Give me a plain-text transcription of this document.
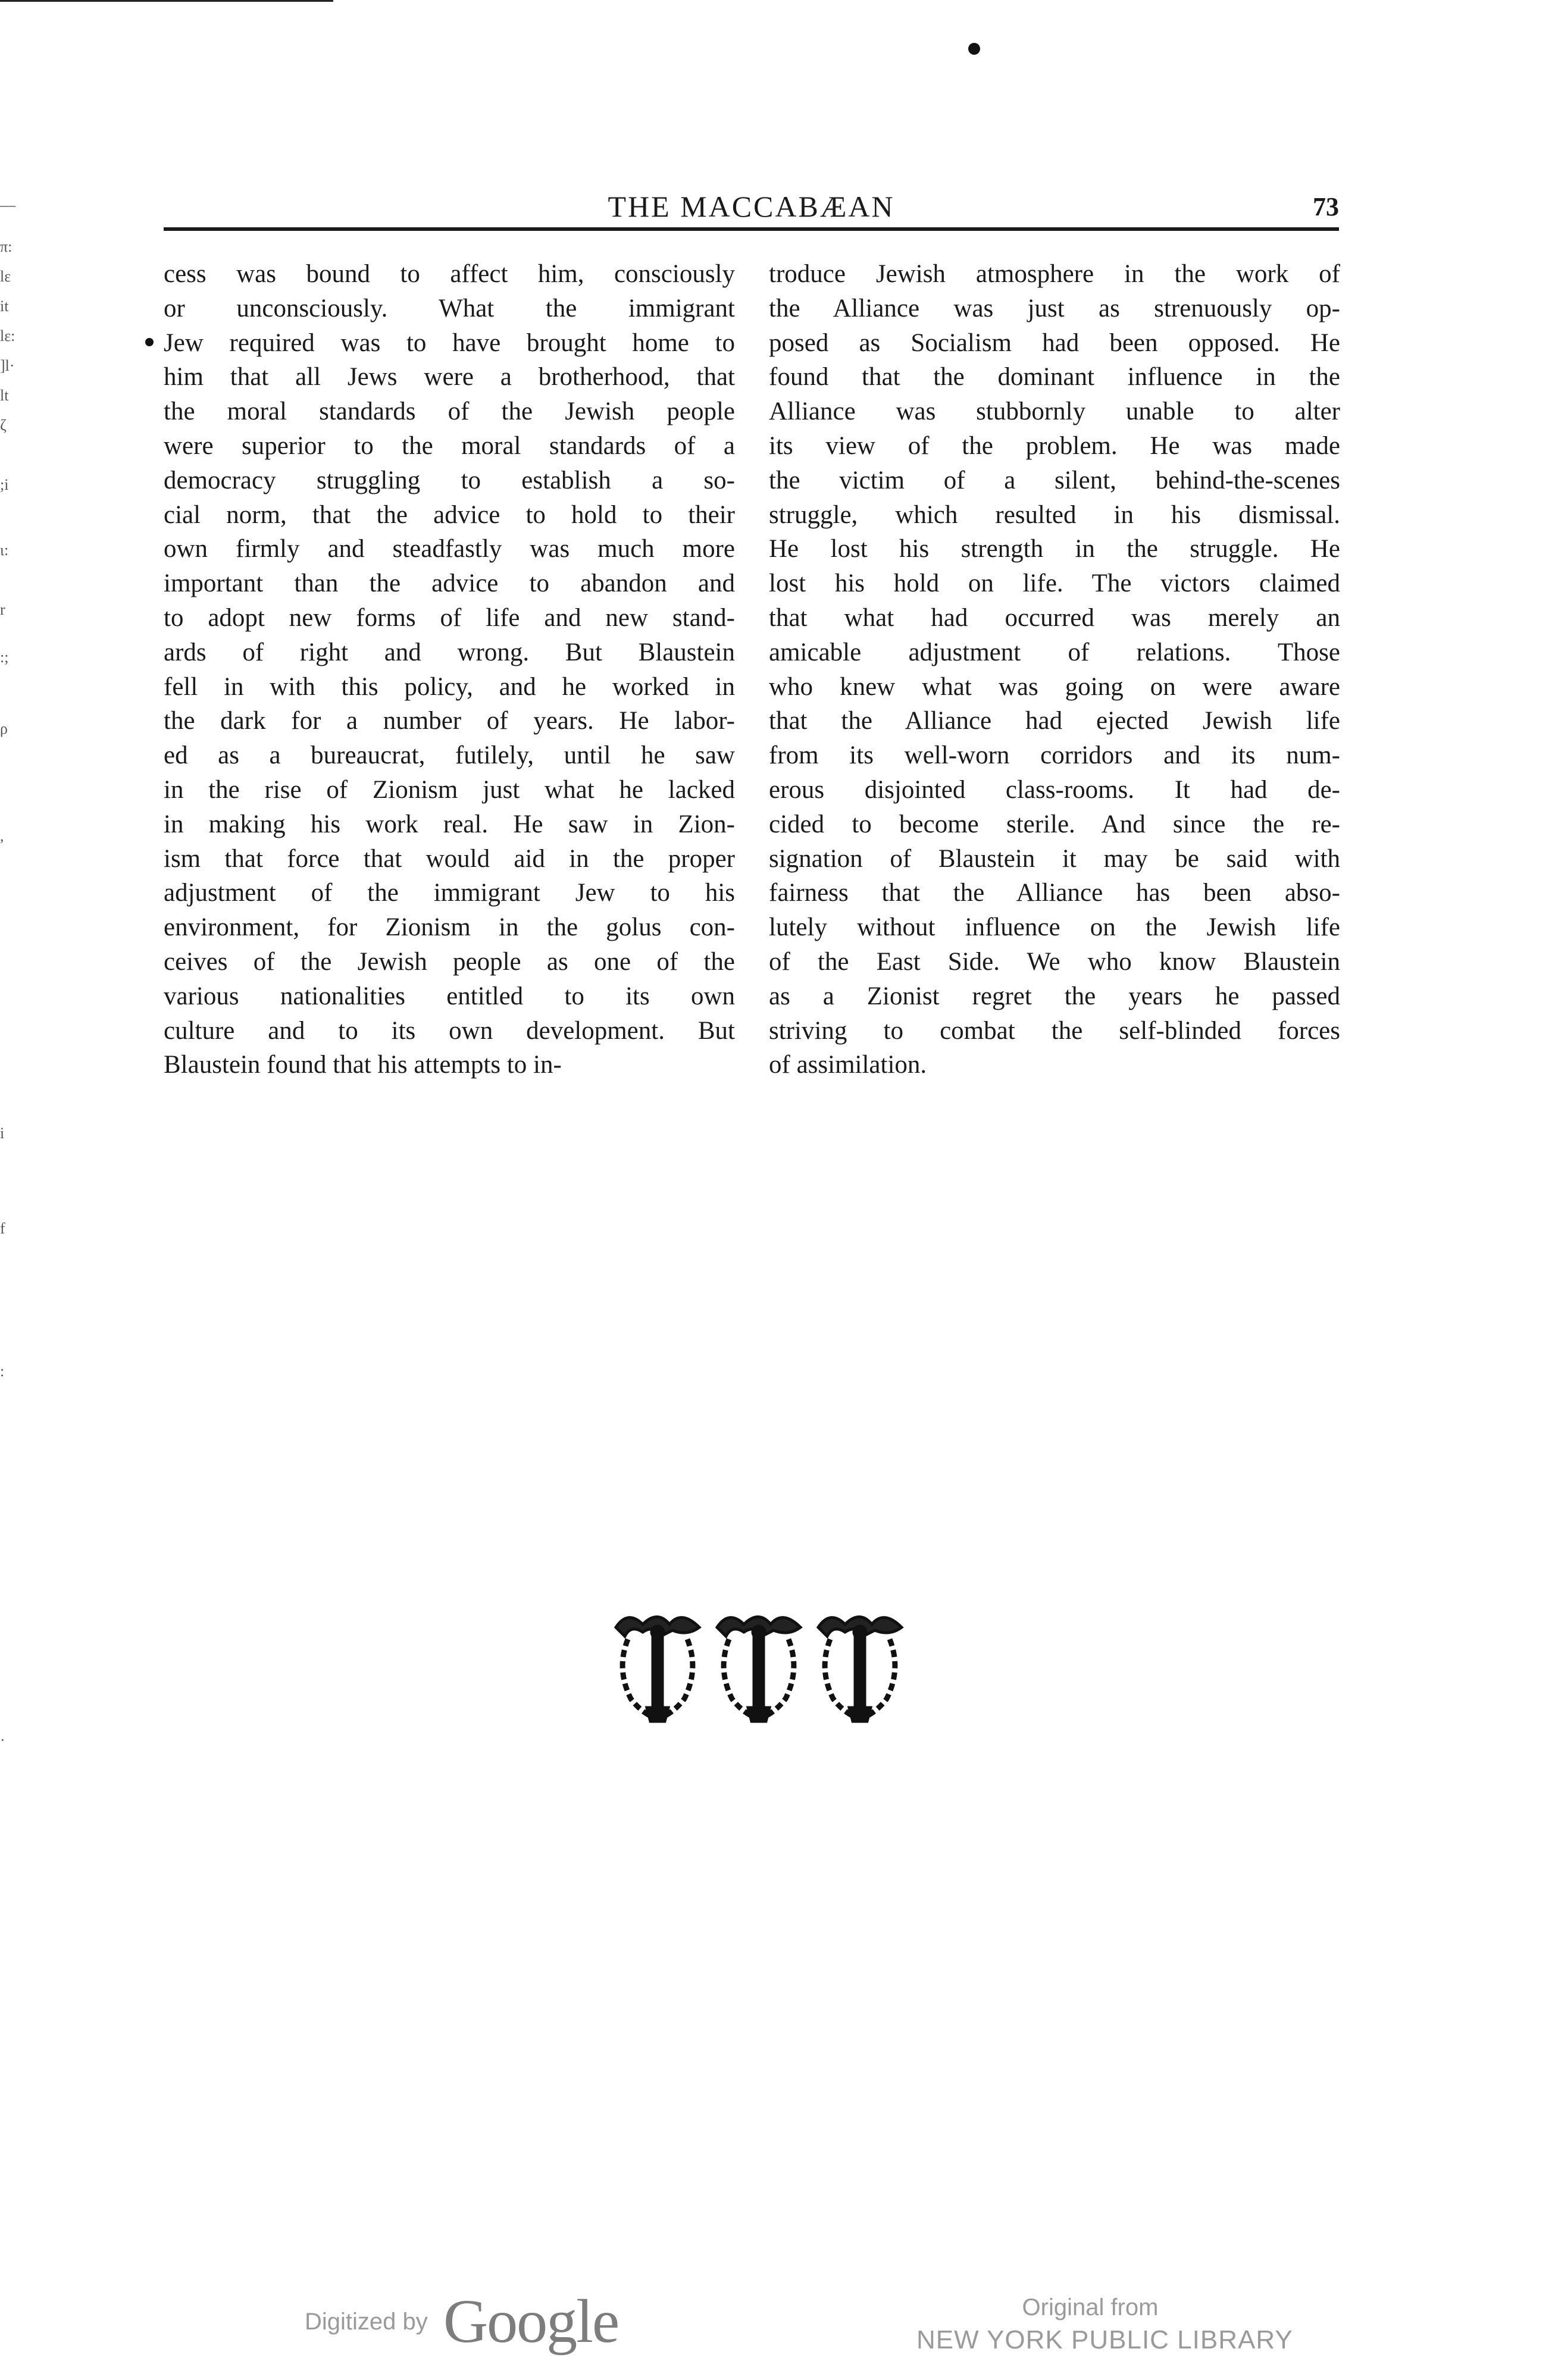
—
π:
lε
it
lε:
]l·
lt
ζ
;i
ι:
r
:;
ρ
,
i
f
:
·
THE MACCABÆAN	73
cess was bound to affect him, consciously
or unconsciously. What the immigrant
Jew required was to have brought home to
him that all Jews were a brotherhood, that
the moral standards of the Jewish people
were superior to the moral standards of a
democracy struggling to establish a so-
cial norm, that the advice to hold to their
own firmly and steadfastly was much more
important than the advice to abandon and
to adopt new forms of life and new stand-
ards of right and wrong. But Blaustein
fell in with this policy, and he worked in
the dark for a number of years. He labor-
ed as a bureaucrat, futilely, until he saw
in the rise of Zionism just what he lacked
in making his work real. He saw in Zion-
ism that force that would aid in the proper
adjustment of the immigrant Jew to his
environment, for Zionism in the golus con-
ceives of the Jewish people as one of the
various nationalities entitled to its own
culture and to its own development. But
Blaustein found that his attempts to in-
troduce Jewish atmosphere in the work of
the Alliance was just as strenuously op-
posed as Socialism had been opposed. He
found that the dominant influence in the
Alliance was stubbornly unable to alter
its view of the problem. He was made
the victim of a silent, behind-the-scenes
struggle, which resulted in his dismissal.
He lost his strength in the struggle. He
lost his hold on life. The victors claimed
that what had occurred was merely an
amicable adjustment of relations. Those
who knew what was going on were aware
that the Alliance had ejected Jewish life
from its well-worn corridors and its num-
erous disjointed class-rooms. It had de-
cided to become sterile. And since the re-
signation of Blaustein it may be said with
fairness that the Alliance has been abso-
lutely without influence on the Jewish life
of the East Side. We who know Blaustein
as a Zionist regret the years he passed
striving to combat the self-blinded forces
of assimilation.
Digitized by Google	Original from
NEW YORK PUBLIC LIBRARY
